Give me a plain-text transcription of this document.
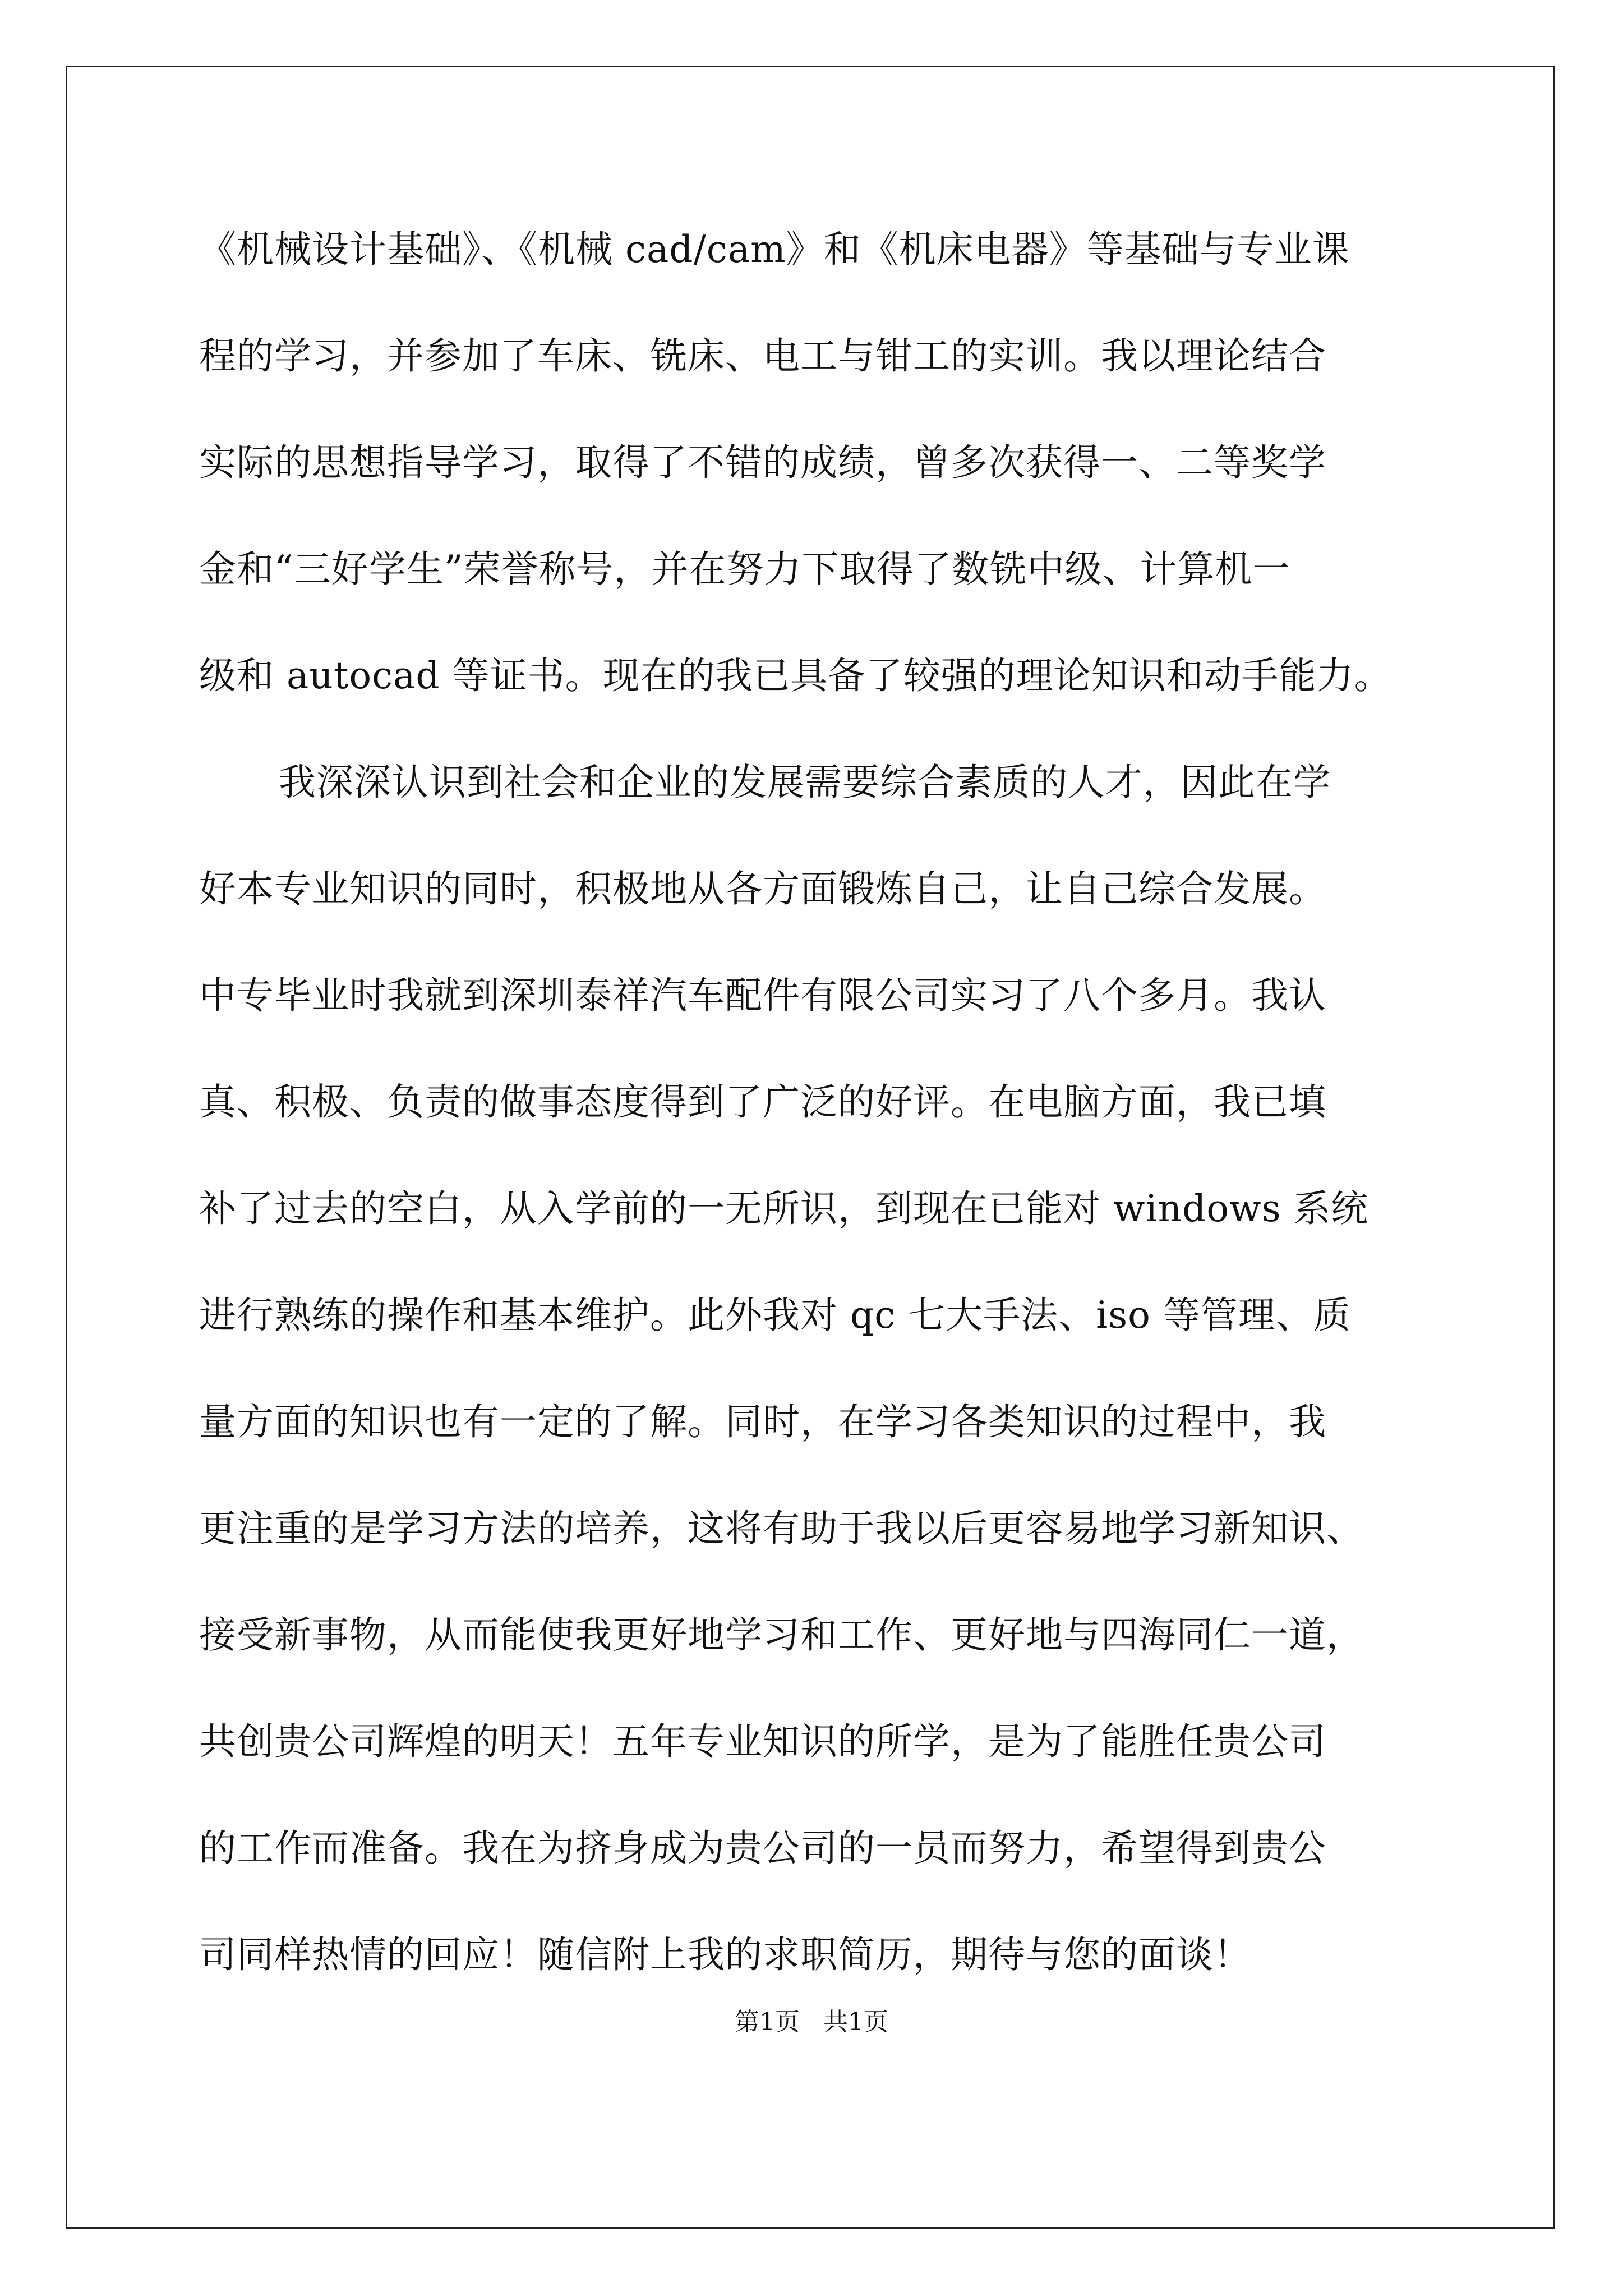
《机械设计基础》、《机械 cad/cam》和《机床电器》等基础与专业课
程的学习，并参加了车床、铣床、电工与钳工的实训。我以理论结合
实际的思想指导学习，取得了不错的成绩，曾多次获得一、二等奖学
金和“三好学生”荣誉称号，并在努力下取得了数铣中级、计算机一
级和 autocad 等证书。现在的我已具备了较强的理论知识和动手能力。
我深深认识到社会和企业的发展需要综合素质的人才，因此在学
好本专业知识的同时，积极地从各方面锻炼自己，让自己综合发展。
中专毕业时我就到深圳泰祥汽车配件有限公司实习了八个多月。我认
真、积极、负责的做事态度得到了广泛的好评。在电脑方面，我已填
补了过去的空白，从入学前的一无所识，到现在已能对 windows 系统
进行熟练的操作和基本维护。此外我对 qc 七大手法、iso 等管理、质
量方面的知识也有一定的了解。同时，在学习各类知识的过程中，我
更注重的是学习方法的培养，这将有助于我以后更容易地学习新知识、
接受新事物，从而能使我更好地学习和工作、更好地与四海同仁一道，
共创贵公司辉煌的明天！五年专业知识的所学，是为了能胜任贵公司
的工作而准备。我在为挤身成为贵公司的一员而努力，希望得到贵公
司同样热情的回应！随信附上我的求职简历，期待与您的面谈！
第1页 共1页
